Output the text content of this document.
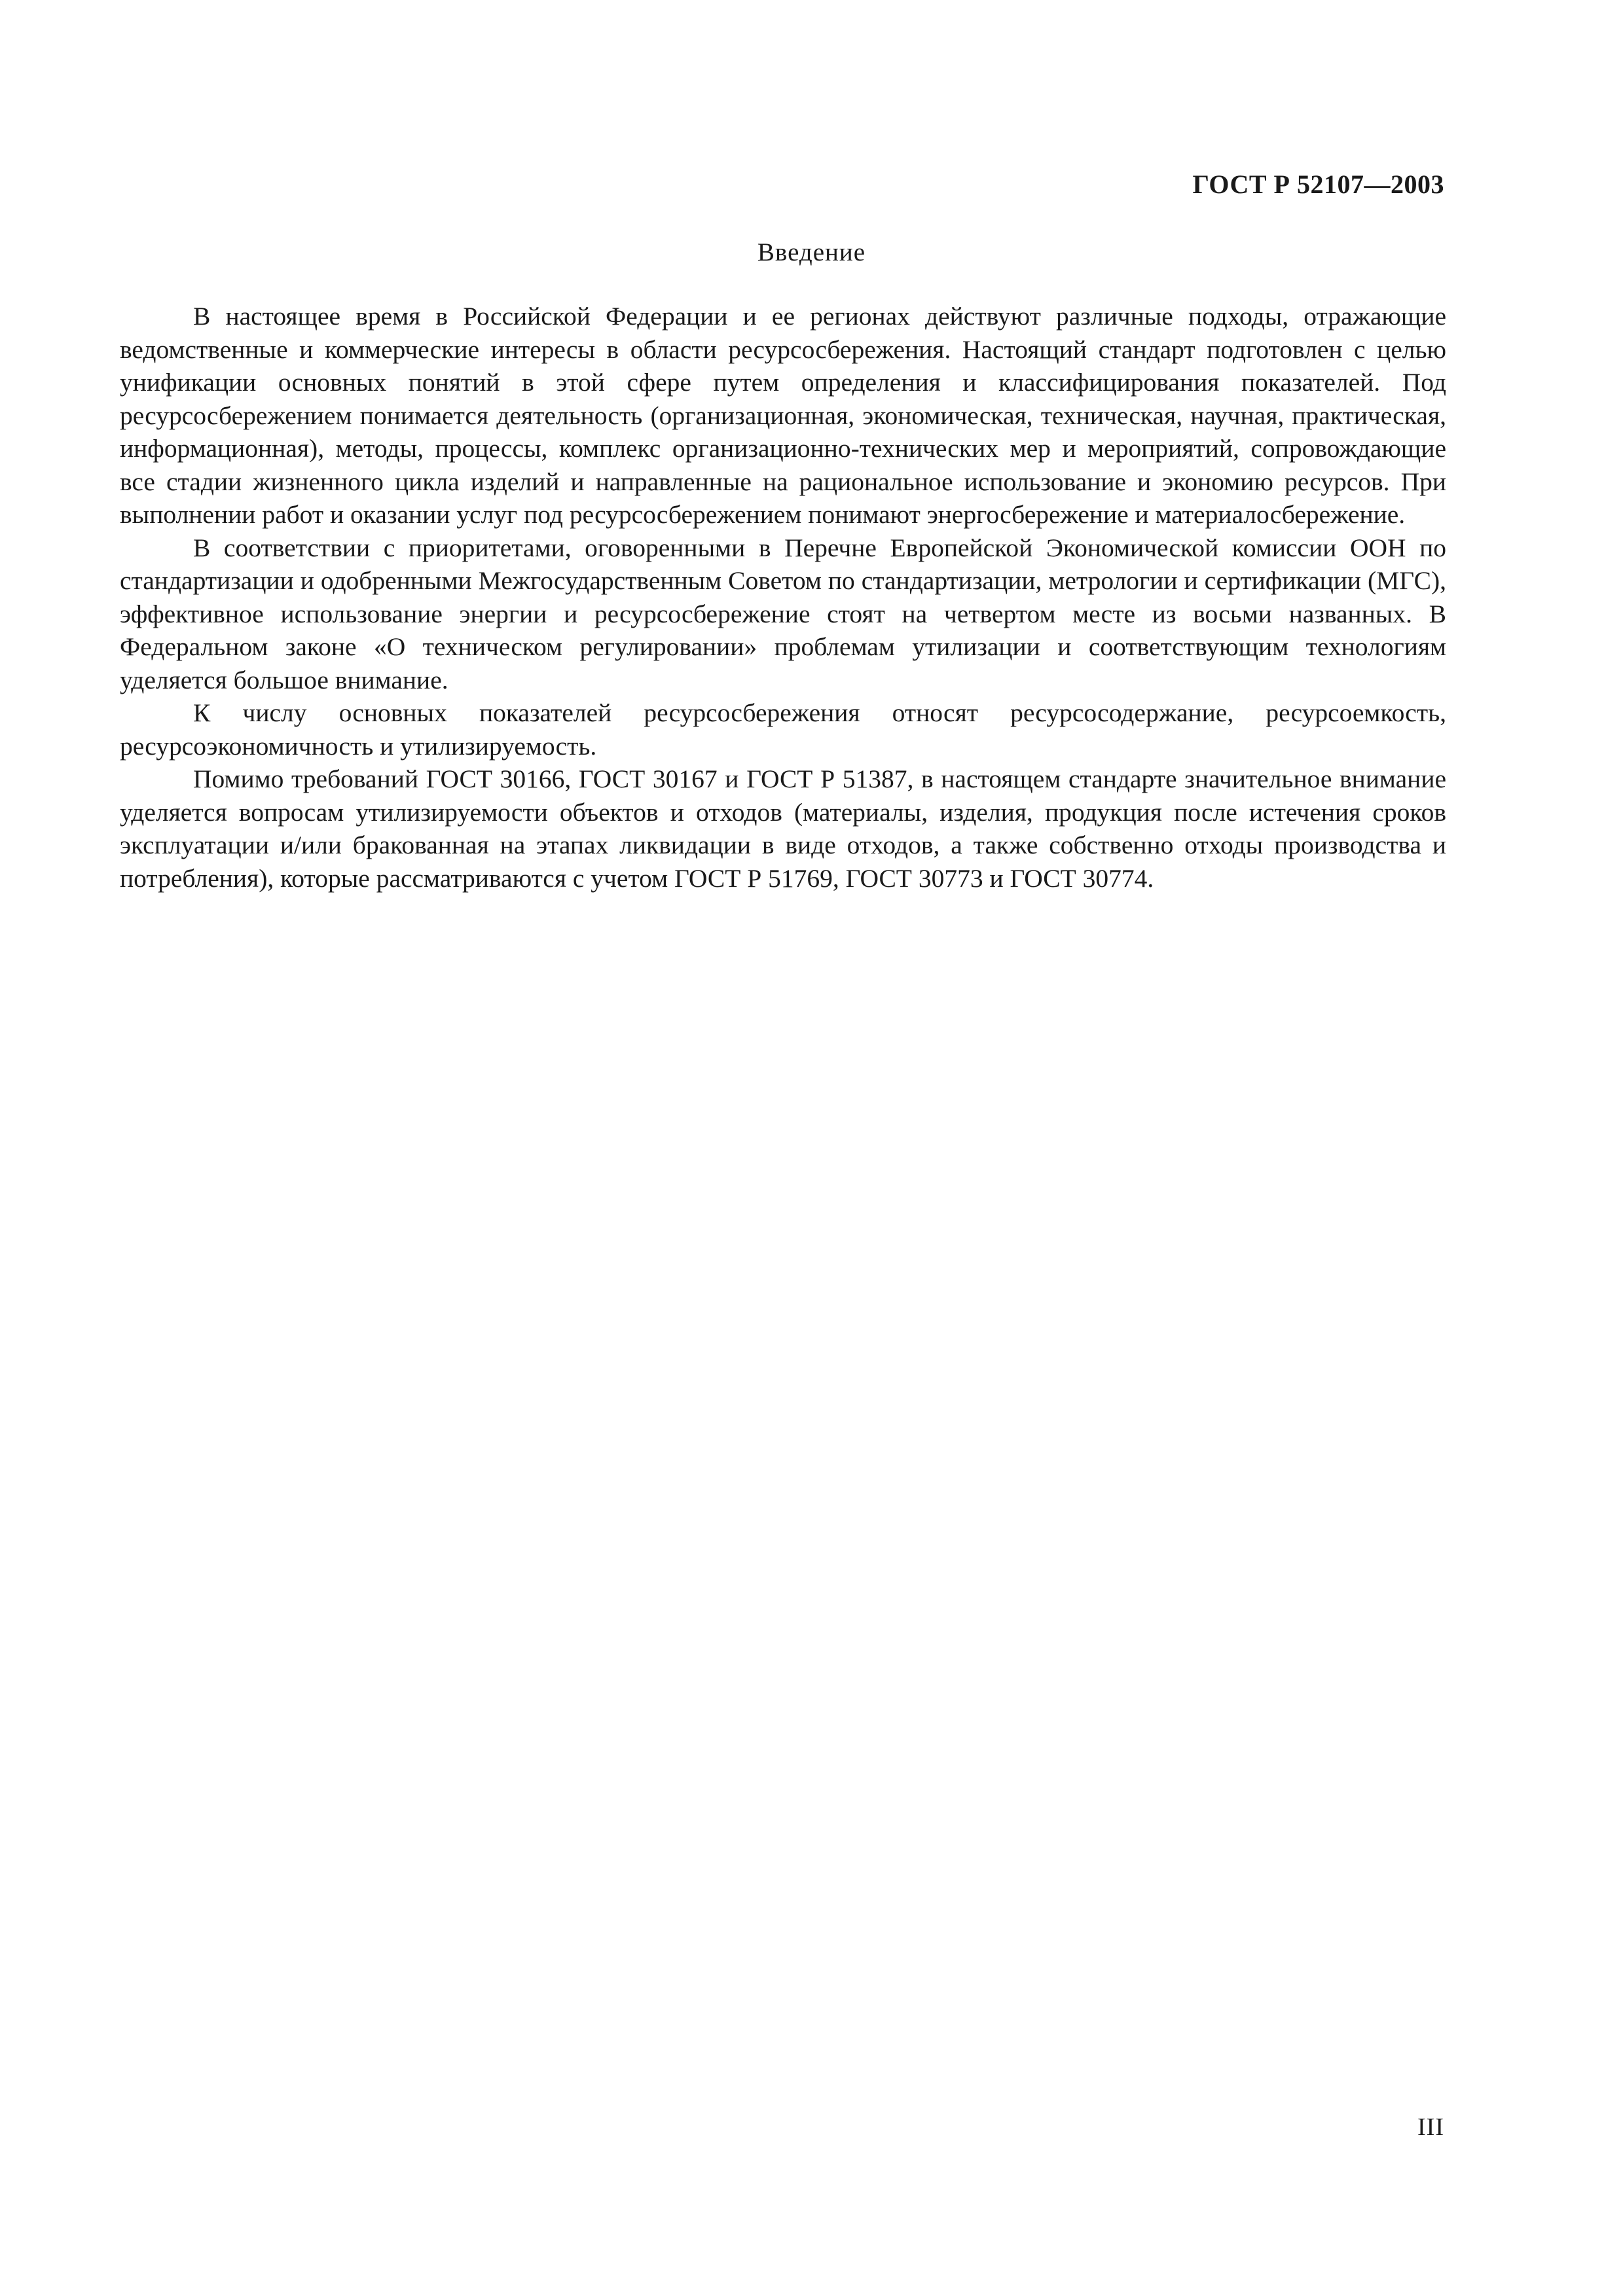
ГОСТ Р 52107—2003
Введение

В настоящее время в Российской Федерации и ее регионах действуют различные подходы, отражающие ведомственные и коммерческие интересы в области ресурсосбережения. Настоящий стандарт подготовлен с целью унификации основных понятий в этой сфере путем определения и классифицирования показателей. Под ресурсосбережением понимается деятельность (организационная, экономическая, техническая, научная, практическая, информационная), методы, процессы, комплекс организационно-технических мер и мероприятий, сопровождающие все стадии жизненного цикла изделий и направленные на рациональное использование и экономию ресурсов. При выполнении работ и оказании услуг под ресурсосбережением понимают энергосбережение и материалосбережение.

В соответствии с приоритетами, оговоренными в Перечне Европейской Экономической комиссии ООН по стандартизации и одобренными Межгосударственным Советом по стандартизации, метрологии и сертификации (МГС), эффективное использование энергии и ресурсосбережение стоят на четвертом месте из восьми названных. В Федеральном законе «О техническом регулировании» проблемам утилизации и соответствующим технологиям уделяется большое внимание.

К числу основных показателей ресурсосбережения относят ресурсосодержание, ресурсоемкость, ресурсоэкономичность и утилизируемость.

Помимо требований ГОСТ 30166, ГОСТ 30167 и ГОСТ Р 51387, в настоящем стандарте значительное внимание уделяется вопросам утилизируемости объектов и отходов (материалы, изделия, продукция после истечения сроков эксплуатации и/или бракованная на этапах ликвидации в виде отходов, а также собственно отходы производства и потребления), которые рассматриваются с учетом ГОСТ Р 51769, ГОСТ 30773 и ГОСТ 30774.

III
